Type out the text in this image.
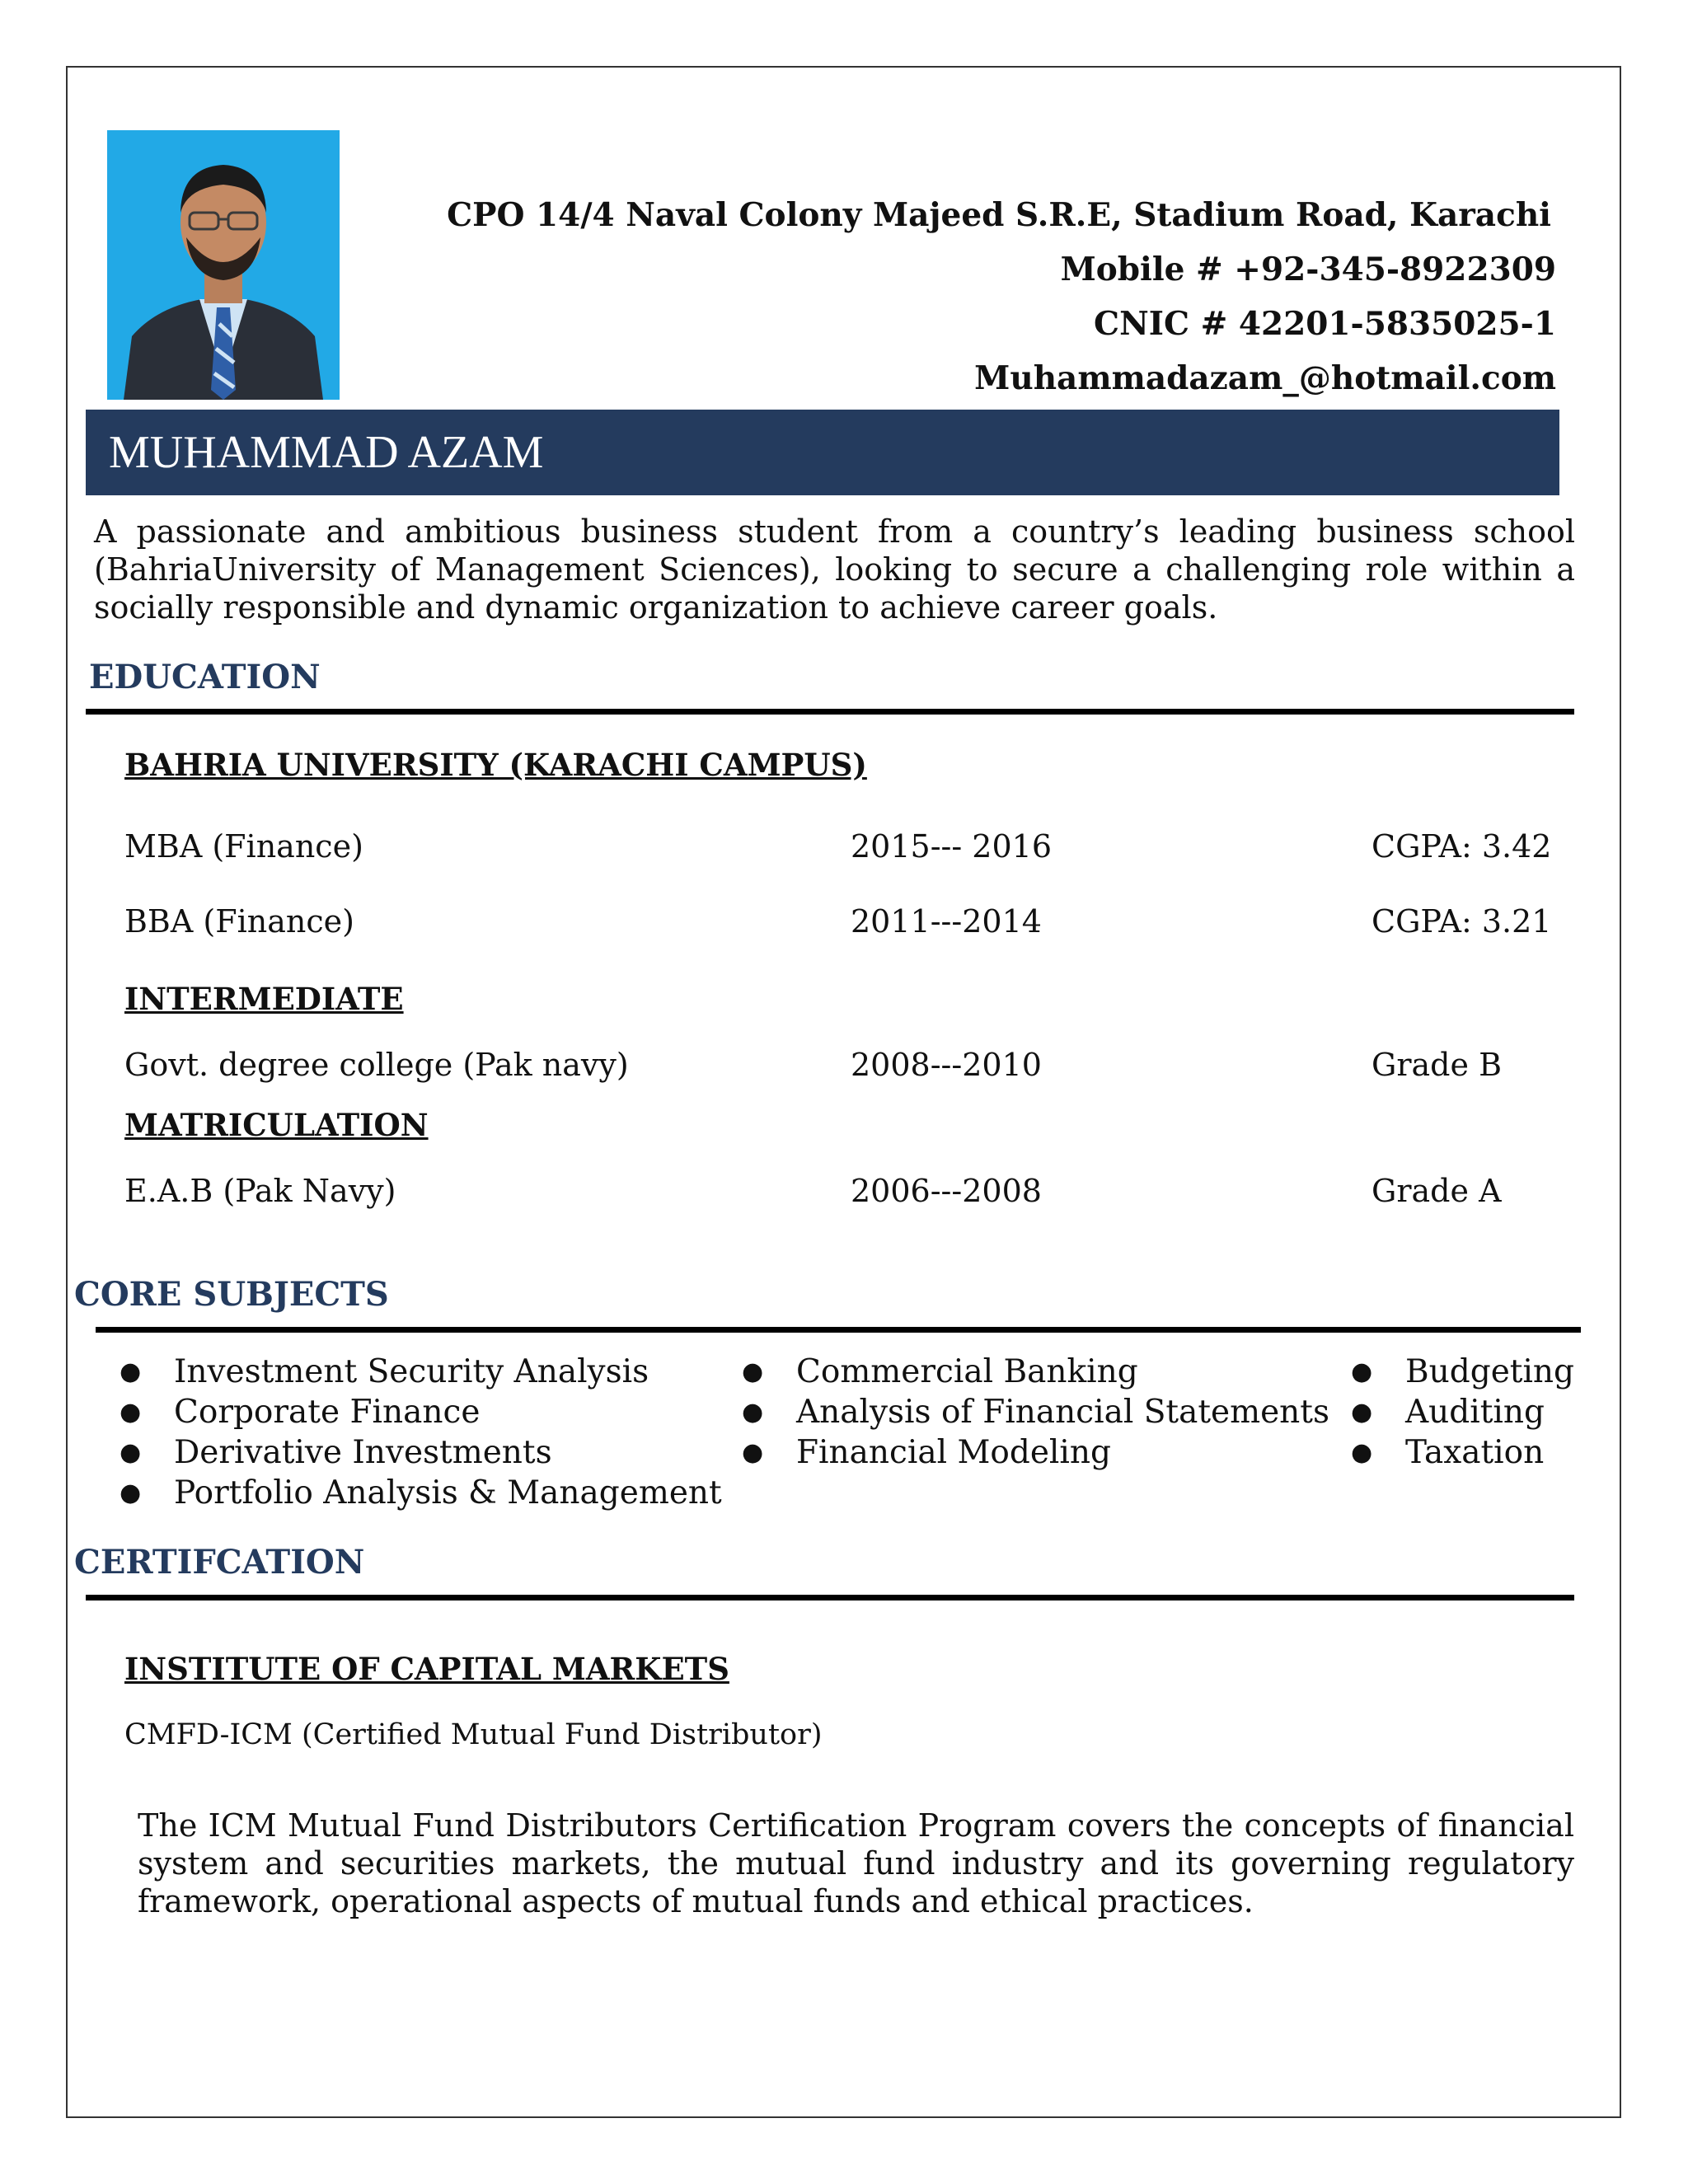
CPO 14/4 Naval Colony Majeed S.R.E, Stadium Road, Karachi
Mobile # +92-345-8922309
CNIC # 42201-5835025-1
Muhammadazam_@hotmail.com
MUHAMMAD AZAM
A passionate and ambitious business student from a country’s leading business school (BahriaUniversity of Management Sciences), looking to secure a challenging role within a socially responsible and dynamic organization to achieve career goals.
EDUCATION
BAHRIA UNIVERSITY (KARACHI CAMPUS)
MBA (Finance)	2015--- 2016	CGPA: 3.42
BBA (Finance)	2011---2014	CGPA: 3.21
INTERMEDIATE
Govt. degree college (Pak navy)	2008---2010	Grade B
MATRICULATION
E.A.B (Pak Navy)	2006---2008	Grade A
CORE SUBJECTS
● Investment Security Analysis
● Corporate Finance
● Derivative Investments
● Portfolio Analysis & Management
● Commercial Banking
● Analysis of Financial Statements
● Financial Modeling
● Budgeting
● Auditing
● Taxation
CERTIFCATION
INSTITUTE OF CAPITAL MARKETS
CMFD-ICM (Certified Mutual Fund Distributor)
The ICM Mutual Fund Distributors Certification Program covers the concepts of financial system and securities markets, the mutual fund industry and its governing regulatory framework, operational aspects of mutual funds and ethical practices.
